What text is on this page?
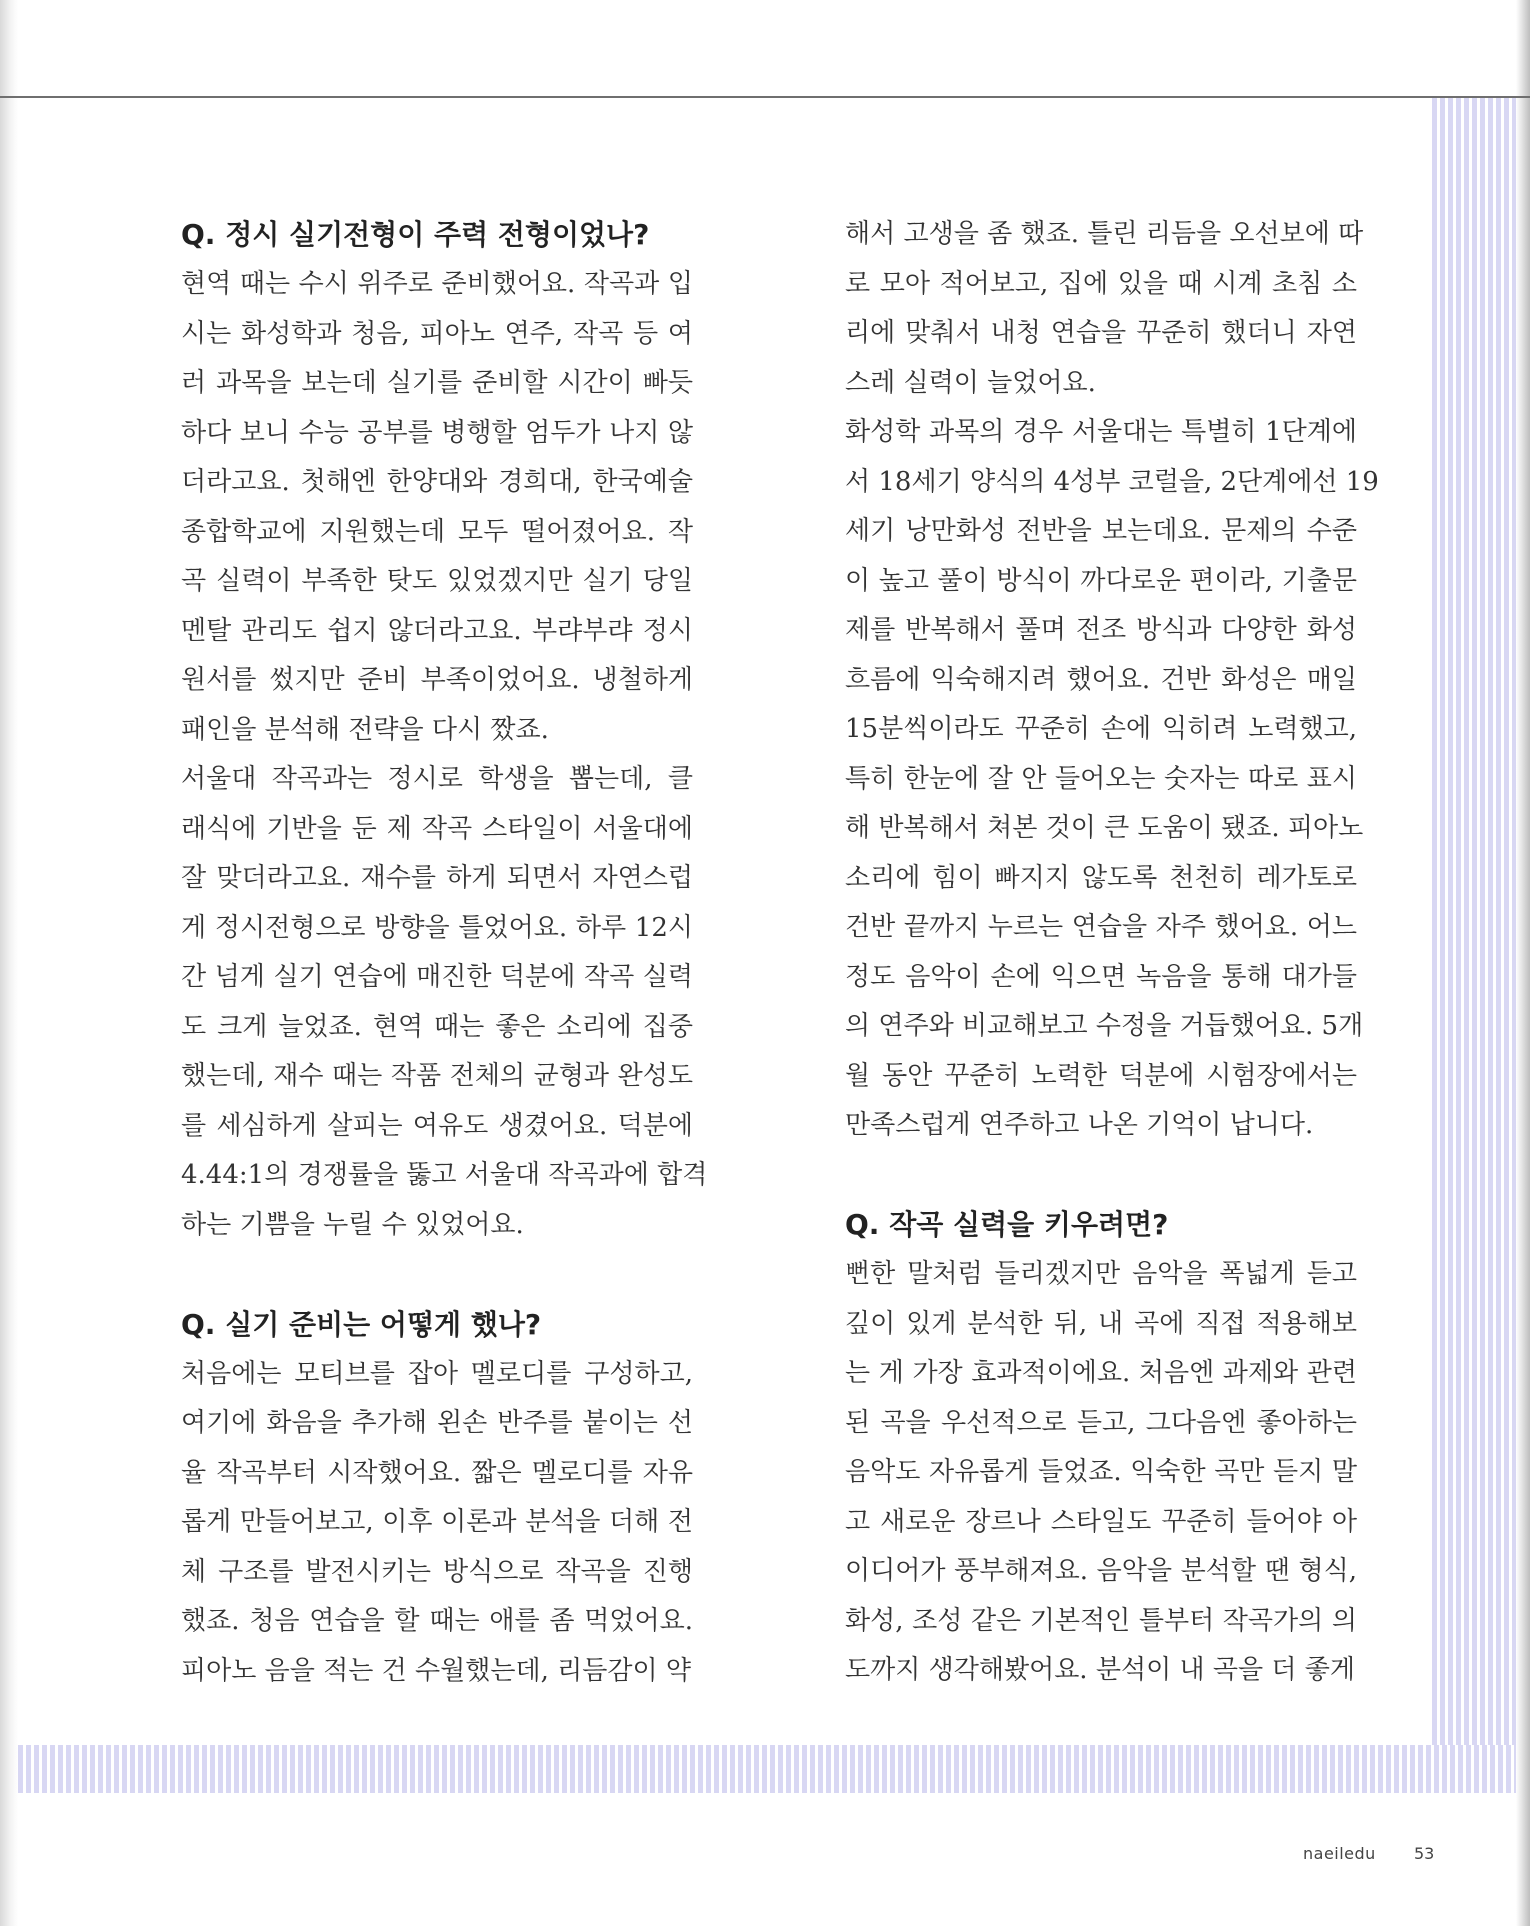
Q. 정시 실기전형이 주력 전형이었나?
현역 때는 수시 위주로 준비했어요. 작곡과 입
시는 화성학과 청음, 피아노 연주, 작곡 등 여
러 과목을 보는데 실기를 준비할 시간이 빠듯
하다 보니 수능 공부를 병행할 엄두가 나지 않
더라고요. 첫해엔 한양대와 경희대, 한국예술
종합학교에 지원했는데 모두 떨어졌어요. 작
곡 실력이 부족한 탓도 있었겠지만 실기 당일
멘탈 관리도 쉽지 않더라고요. 부랴부랴 정시
원서를 썼지만 준비 부족이었어요. 냉철하게
패인을 분석해 전략을 다시 짰죠.
서울대 작곡과는 정시로 학생을 뽑는데, 클
래식에 기반을 둔 제 작곡 스타일이 서울대에
잘 맞더라고요. 재수를 하게 되면서 자연스럽
게 정시전형으로 방향을 틀었어요. 하루 12시
간 넘게 실기 연습에 매진한 덕분에 작곡 실력
도 크게 늘었죠. 현역 때는 좋은 소리에 집중
했는데, 재수 때는 작품 전체의 균형과 완성도
를 세심하게 살피는 여유도 생겼어요. 덕분에
4.44:1의 경쟁률을 뚫고 서울대 작곡과에 합격
하는 기쁨을 누릴 수 있었어요.
Q. 실기 준비는 어떻게 했나?
처음에는 모티브를 잡아 멜로디를 구성하고,
여기에 화음을 추가해 왼손 반주를 붙이는 선
율 작곡부터 시작했어요. 짧은 멜로디를 자유
롭게 만들어보고, 이후 이론과 분석을 더해 전
체 구조를 발전시키는 방식으로 작곡을 진행
했죠. 청음 연습을 할 때는 애를 좀 먹었어요.
피아노 음을 적는 건 수월했는데, 리듬감이 약
해서 고생을 좀 했죠. 틀린 리듬을 오선보에 따
로 모아 적어보고, 집에 있을 때 시계 초침 소
리에 맞춰서 내청 연습을 꾸준히 했더니 자연
스레 실력이 늘었어요.
화성학 과목의 경우 서울대는 특별히 1단계에
서 18세기 양식의 4성부 코럴을, 2단계에선 19
세기 낭만화성 전반을 보는데요. 문제의 수준
이 높고 풀이 방식이 까다로운 편이라, 기출문
제를 반복해서 풀며 전조 방식과 다양한 화성
흐름에 익숙해지려 했어요. 건반 화성은 매일
15분씩이라도 꾸준히 손에 익히려 노력했고,
특히 한눈에 잘 안 들어오는 숫자는 따로 표시
해 반복해서 쳐본 것이 큰 도움이 됐죠. 피아노
소리에 힘이 빠지지 않도록 천천히 레가토로
건반 끝까지 누르는 연습을 자주 했어요. 어느
정도 음악이 손에 익으면 녹음을 통해 대가들
의 연주와 비교해보고 수정을 거듭했어요. 5개
월 동안 꾸준히 노력한 덕분에 시험장에서는
만족스럽게 연주하고 나온 기억이 납니다.
Q. 작곡 실력을 키우려면?
뻔한 말처럼 들리겠지만 음악을 폭넓게 듣고
깊이 있게 분석한 뒤, 내 곡에 직접 적용해보
는 게 가장 효과적이에요. 처음엔 과제와 관련
된 곡을 우선적으로 듣고, 그다음엔 좋아하는
음악도 자유롭게 들었죠. 익숙한 곡만 듣지 말
고 새로운 장르나 스타일도 꾸준히 들어야 아
이디어가 풍부해져요. 음악을 분석할 땐 형식,
화성, 조성 같은 기본적인 틀부터 작곡가의 의
도까지 생각해봤어요. 분석이 내 곡을 더 좋게
naeiledu 53
